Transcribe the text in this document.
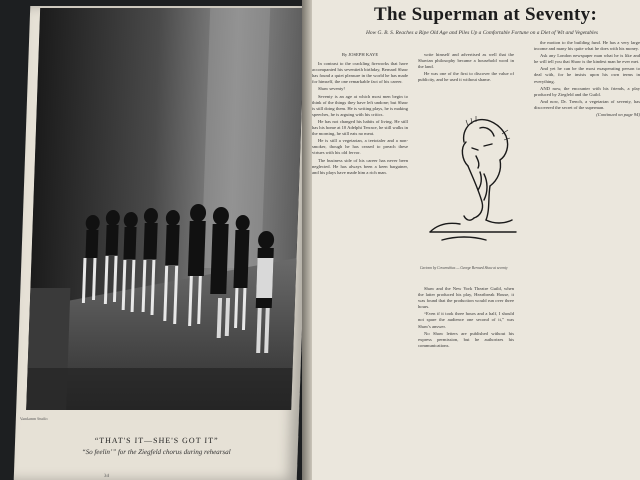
Vandamm Studio
“THAT'S IT—SHE'S GOT IT”
“So feelin’” for the Ziegfeld chorus during rehearsal
34
The Superman at Seventy:
How G. B. S. Reaches a Ripe Old Age and Piles Up a Comfortable Fortune on a Diet of Wit and Vegetables
By JOSEPH KAYE

In contrast to the crackling fireworks that have accompanied his seventieth birthday, Bernard Shaw has found a quiet pleasure in the world he has made for himself, the one remarkable fact of his career.

Shaw seventy!

Seventy is an age at which most men begin to think of the things they have left undone; but Shaw is still doing them. He is writing plays, he is making speeches, he is arguing with his critics.

He has not changed his habits of living. He still has his home at 10 Adelphi Terrace, he still walks in the morning, he still eats no meat.

He is still a vegetarian, a teetotaler and a non-smoker, though he has ceased to preach these virtues with his old fervor.

The business side of his career has never been neglected. He has always been a keen bargainer, and his plays have made him a rich man.

write himself and advertised as well that the Shavian philosophy became a household word in the land.

He was one of the first to discover the value of publicity, and he used it without shame.

Cartoon by Covarrubias — George Bernard Shaw at seventy

Shaw and the New York Theatre Guild, when the latter produced his play, Heartbreak House, it was found that the production would run over three hours.

“Even if it took three hours and a half, I should not spare the audience one second of it,” was Shaw's answer.

No Shaw letters are published without his express permission, but he authorizes his communications.

the motion to the building fund. He has a very large income and many his quite what he does with his money.

Ask any London newspaper man what he is like and he will tell you that Shaw is the kindest man he ever met.

And yet he can be the most exasperating person to deal with, for he insists upon his own terms in everything.

AND now, the encounter with his friends, a play produced by Ziegfeld and the Guild.

And now, Dr. Trench, a vegetarian of seventy, has discovered the secret of the superman.

(Continued on page 94)
